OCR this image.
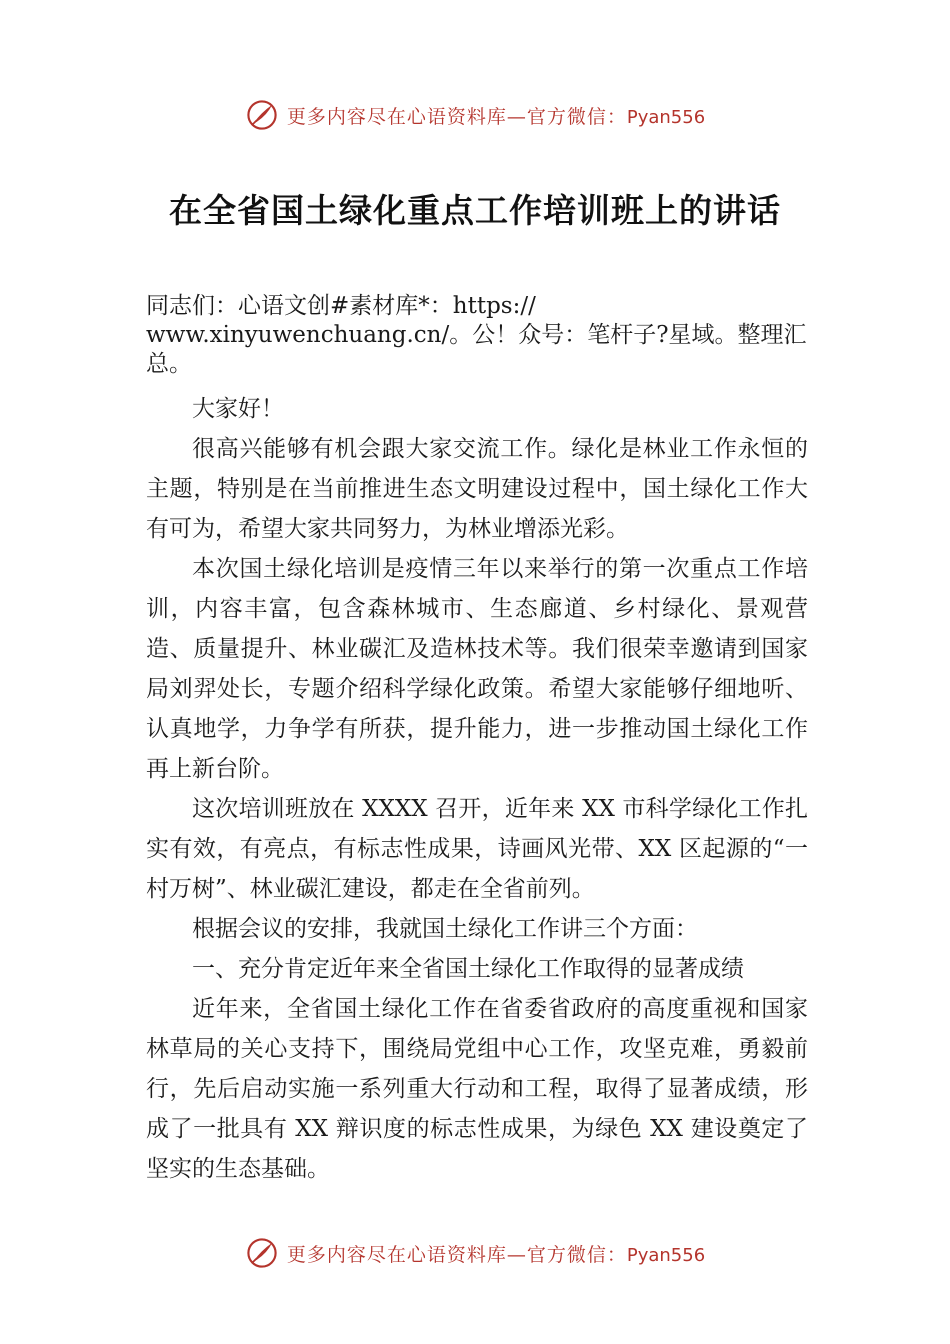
更多内容尽在心语资料库—官方微信：Pyan556
在全省国土绿化重点工作培训班上的讲话

同志们：心语文创#素材库*：https://
www.xinyuwenchuang.cn/。公！众号：笔杆子?星域。整理汇总。

大家好！

很高兴能够有机会跟大家交流工作。绿化是林业工作永恒的主题，特别是在当前推进生态文明建设过程中，国土绿化工作大有可为，希望大家共同努力，为林业增添光彩。

本次国土绿化培训是疫情三年以来举行的第一次重点工作培训，内容丰富，包含森林城市、生态廊道、乡村绿化、景观营造、质量提升、林业碳汇及造林技术等。我们很荣幸邀请到国家局刘羿处长，专题介绍科学绿化政策。希望大家能够仔细地听、认真地学，力争学有所获，提升能力，进一步推动国土绿化工作再上新台阶。

这次培训班放在 XXXX 召开，近年来 XX 市科学绿化工作扎实有效，有亮点，有标志性成果，诗画风光带、XX 区起源的“一村万树”、林业碳汇建设，都走在全省前列。

根据会议的安排，我就国土绿化工作讲三个方面：

一、充分肯定近年来全省国土绿化工作取得的显著成绩

近年来，全省国土绿化工作在省委省政府的高度重视和国家林草局的关心支持下，围绕局党组中心工作，攻坚克难，勇毅前行，先后启动实施一系列重大行动和工程，取得了显著成绩，形成了一批具有 XX 辩识度的标志性成果，为绿色 XX 建设奠定了坚实的生态基础。

更多内容尽在心语资料库—官方微信：Pyan556
